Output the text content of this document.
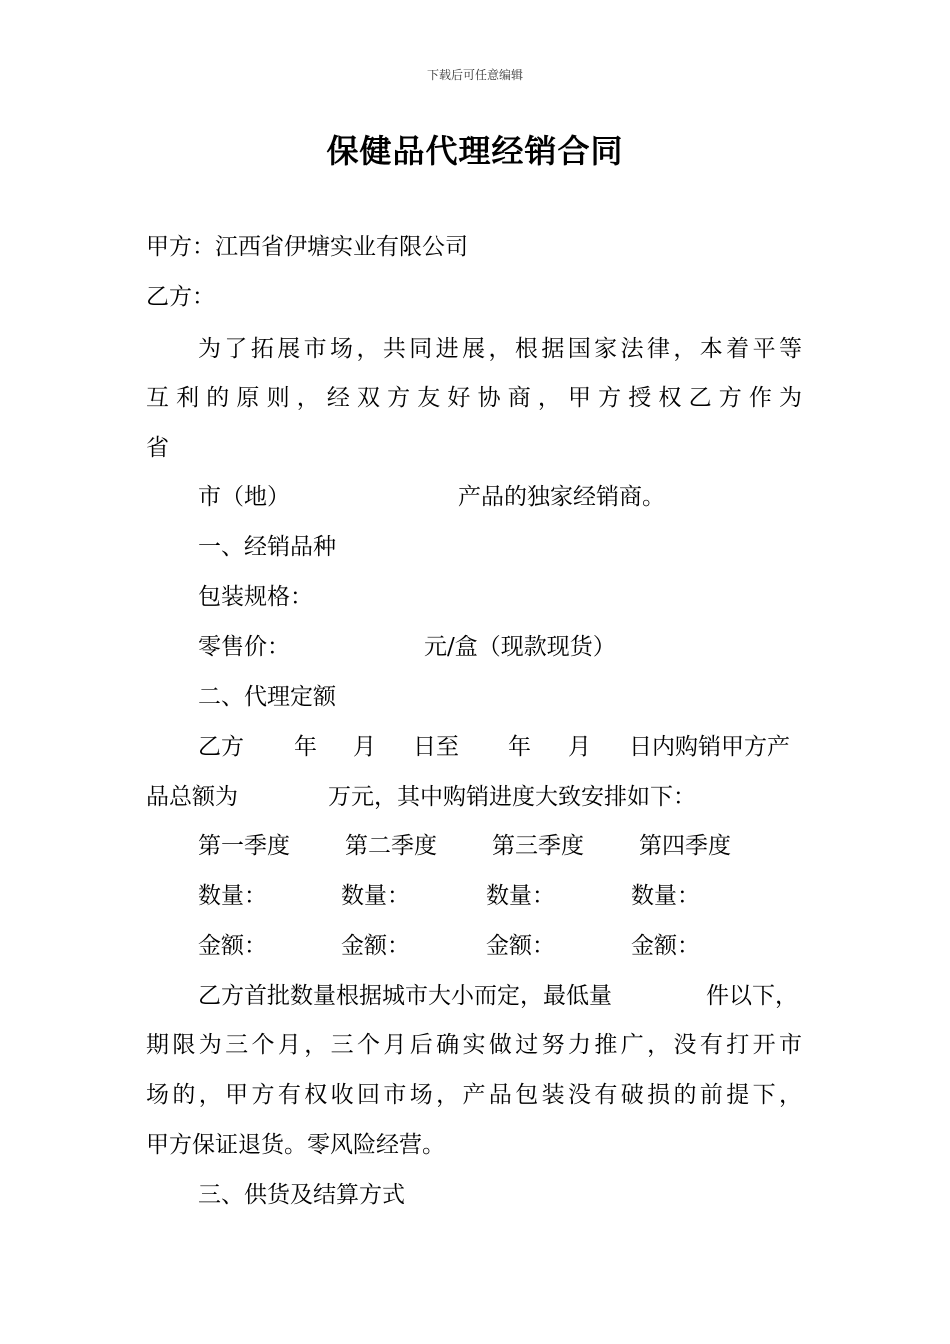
下载后可任意编辑
保健品代理经销合同
甲方：江西省伊塘实业有限公司
乙方：
为了拓展市场，共同进展，根据国家法律，本着平等
互利的原则，经双方友好协商，甲方授权乙方作为
省
市（地）	产品的独家经销商。
一、经销品种
包装规格：
零售价：	元/盒（现款现货）
二、代理定额
乙方 年 月 日至 年 月 日内购销甲方产
品总额为	万元，其中购销进度大致安排如下：
第一季度 第二季度 第三季度 第四季度
数量：	数量：	数量：	数量：
金额：	金额：	金额：	金额：
乙方首批数量根据城市大小而定，最低量	件以下，
期限为三个月，三个月后确实做过努力推广，没有打开市
场的，甲方有权收回市场，产品包装没有破损的前提下，
甲方保证退货。零风险经营。
三、供货及结算方式
